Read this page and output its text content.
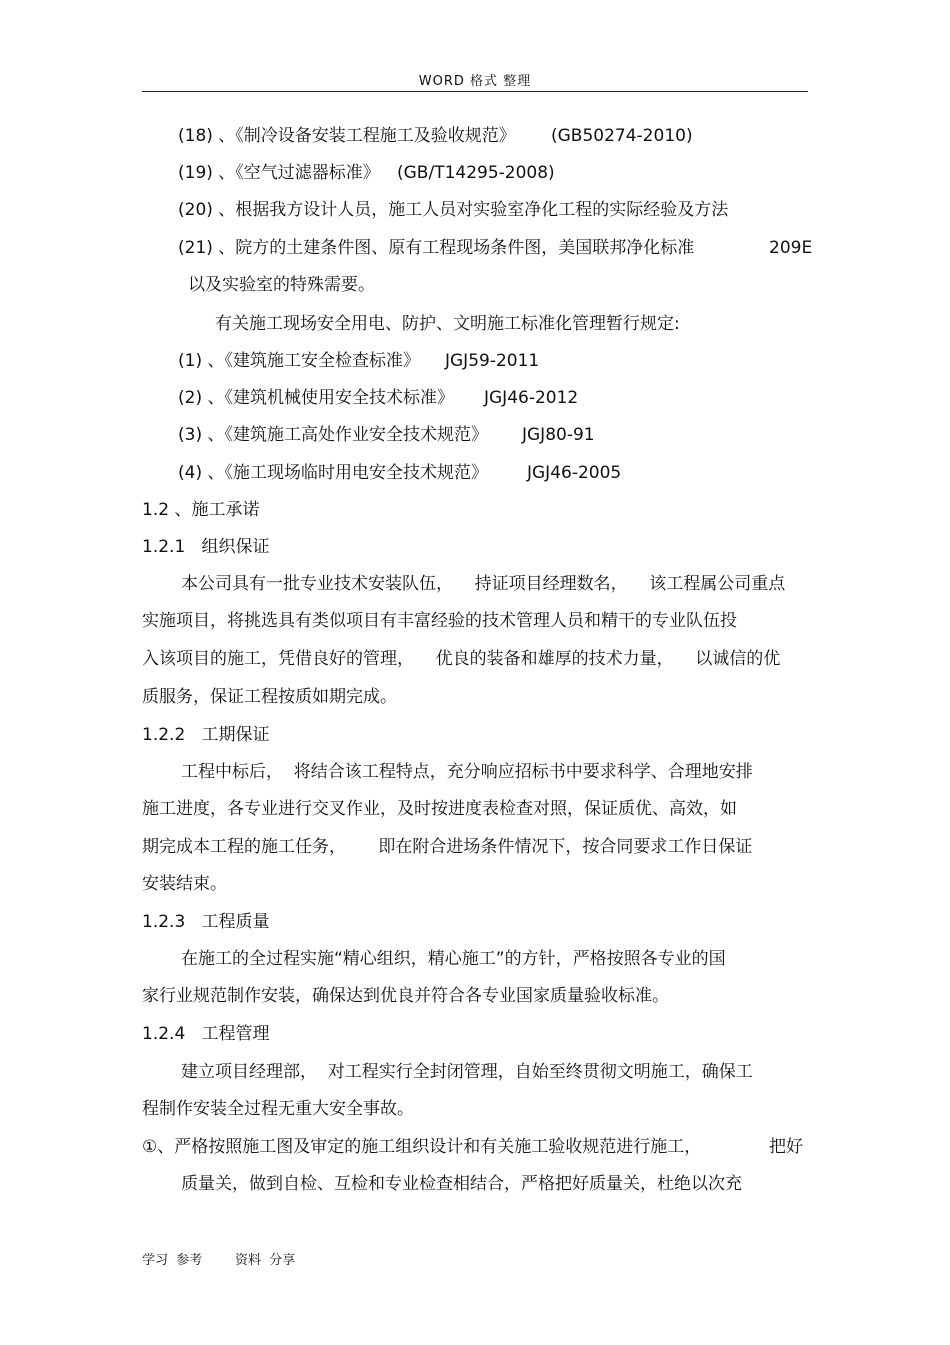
WORD 格式 整理
(18) 、《制冷设备安装工程施工及验收规范》 (GB50274-2010)
(19) 、《空气过滤器标准》 (GB/T14295-2008)
(20) 、根据我方设计人员，施工人员对实验室净化工程的实际经验及方法
(21) 、院方的土建条件图、原有工程现场条件图，美国联邦净化标准	209E
以及实验室的特殊需要。
有关施工现场安全用电、防护、文明施工标准化管理暂行规定:
(1) 、《建筑施工安全检查标准》 JGJ59-2011
(2) 、《建筑机械使用安全技术标准》 JGJ46-2012
(3) 、《建筑施工高处作业安全技术规范》 JGJ80-91
(4) 、《施工现场临时用电安全技术规范》 JGJ46-2005
1.2 、施工承诺
1.2.1   组织保证
本公司具有一批专业技术安装队伍，    持证项目经理数名，    该工程属公司重点
实施项目，将挑选具有类似项目有丰富经验的技术管理人员和精干的专业队伍投
入该项目的施工，凭借良好的管理，    优良的装备和雄厚的技术力量，    以诚信的优
质服务，保证工程按质如期完成。
1.2.2   工期保证
工程中标后，  将结合该工程特点，充分响应招标书中要求科学、合理地安排
施工进度，各专业进行交叉作业，及时按进度表检查对照，保证质优、高效，如
期完成本工程的施工任务，      即在附合进场条件情况下，按合同要求工作日保证
安装结束。
1.2.3   工程质量
在施工的全过程实施“精心组织，精心施工”的方针，严格按照各专业的国
家行业规范制作安装，确保达到优良并符合各专业国家质量验收标准。
1.2.4   工程管理
建立项目经理部，  对工程实行全封闭管理，自始至终贯彻文明施工，确保工
程制作安装全过程无重大安全事故。
①、严格按照施工图及审定的施工组织设计和有关施工验收规范进行施工，	把好
质量关，做到自检、互检和专业检查相结合，严格把好质量关，杜绝以次充
学习  参考	资料  分享
